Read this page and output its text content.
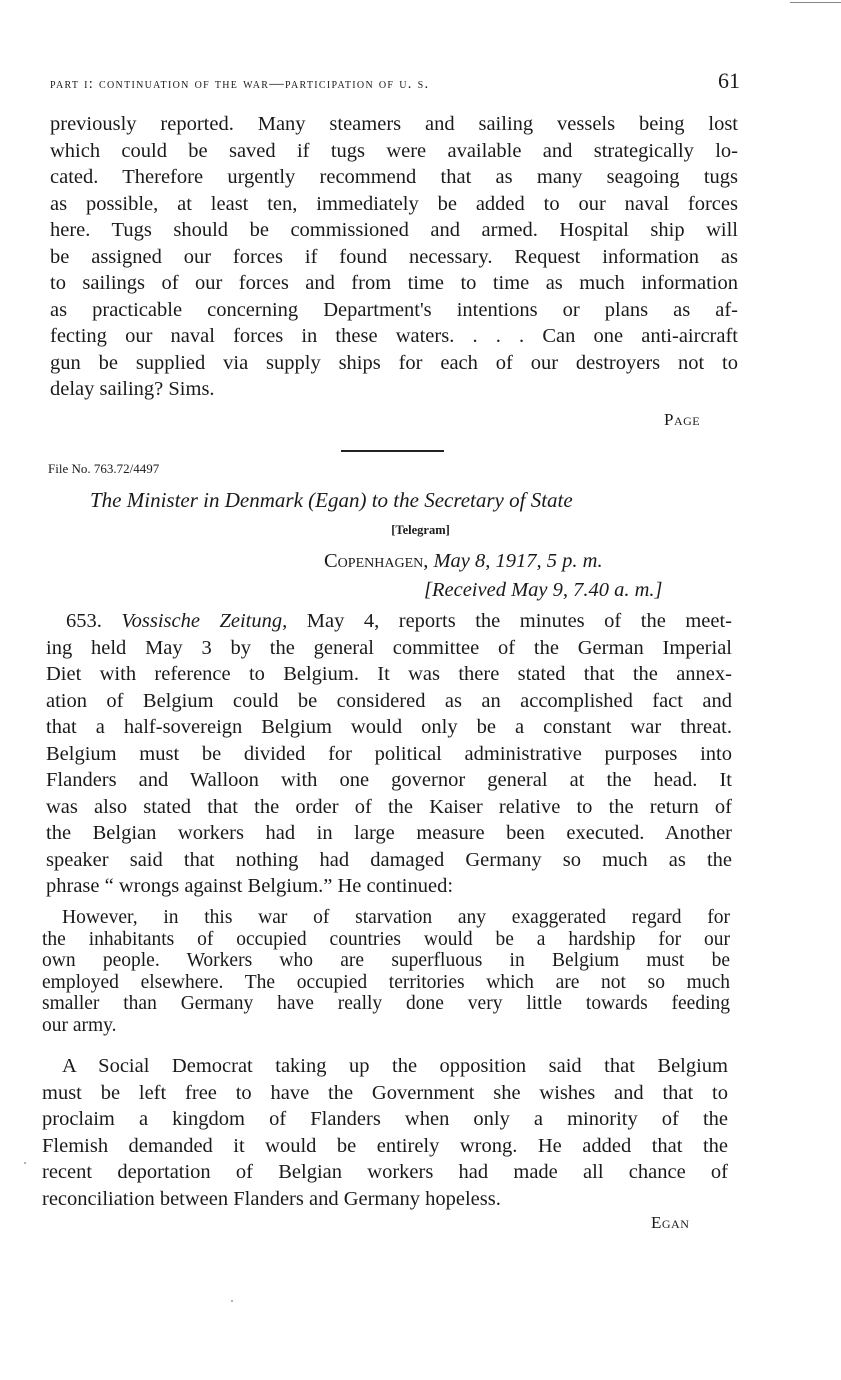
part i: continuation of the war—participation of u. s.	61
previously reported. Many steamers and sailing vessels being lost
which could be saved if tugs were available and strategically lo-
cated. Therefore urgently recommend that as many seagoing tugs
as possible, at least ten, immediately be added to our naval forces
here. Tugs should be commissioned and armed. Hospital ship will
be assigned our forces if found necessary. Request information as
to sailings of our forces and from time to time as much information
as practicable concerning Department's intentions or plans as af-
fecting our naval forces in these waters. . . . Can one anti-aircraft
gun be supplied via supply ships for each of our destroyers not to
delay sailing? Sims.
Page
File No. 763.72/4497
The Minister in Denmark (Egan) to the Secretary of State
[Telegram]
Copenhagen, May 8, 1917, 5 p. m.
[Received May 9, 7.40 a. m.]
653. Vossische Zeitung, May 4, reports the minutes of the meet-
ing held May 3 by the general committee of the German Imperial
Diet with reference to Belgium. It was there stated that the annex-
ation of Belgium could be considered as an accomplished fact and
that a half-sovereign Belgium would only be a constant war threat.
Belgium must be divided for political administrative purposes into
Flanders and Walloon with one governor general at the head. It
was also stated that the order of the Kaiser relative to the return of
the Belgian workers had in large measure been executed. Another
speaker said that nothing had damaged Germany so much as the
phrase “ wrongs against Belgium.” He continued:
However, in this war of starvation any exaggerated regard for
the inhabitants of occupied countries would be a hardship for our
own people. Workers who are superfluous in Belgium must be
employed elsewhere. The occupied territories which are not so much
smaller than Germany have really done very little towards feeding
our army.
A Social Democrat taking up the opposition said that Belgium
must be left free to have the Government she wishes and that to
proclaim a kingdom of Flanders when only a minority of the
Flemish demanded it would be entirely wrong. He added that the
recent deportation of Belgian workers had made all chance of
reconciliation between Flanders and Germany hopeless.
Egan
